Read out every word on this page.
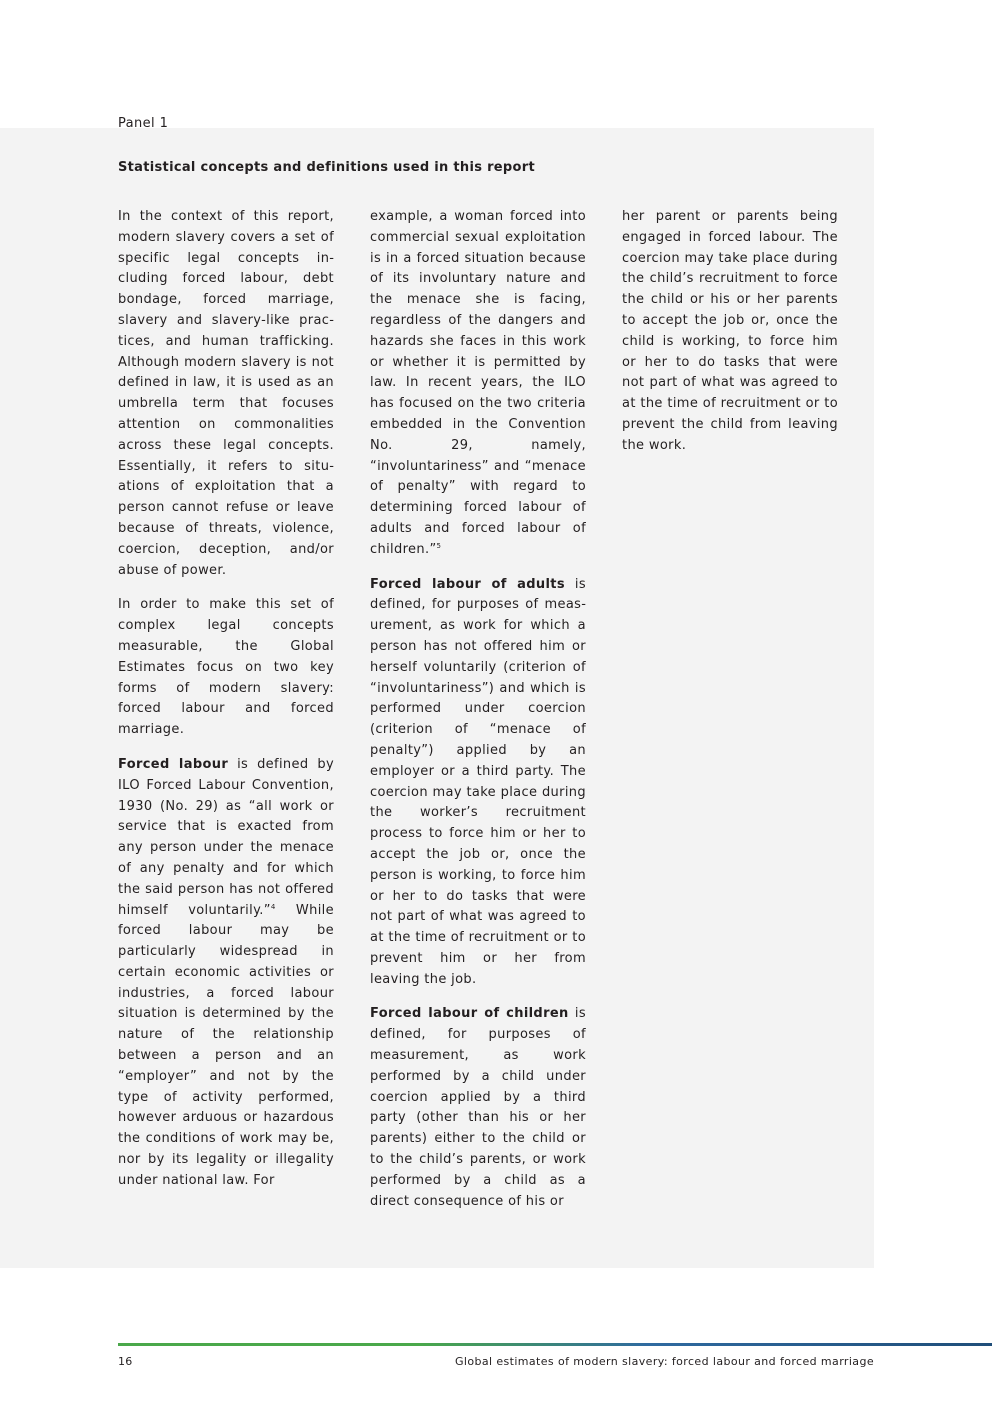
Panel 1
Statistical concepts and definitions used in this report

In the context of this report, modern slavery covers a set of specific legal concepts including forced labour, debt bondage, forced marriage, slavery and slavery-like practices, and human trafficking. Although modern slavery is not defined in law, it is used as an umbrella term that focuses attention on commonalities across these legal concepts. Essentially, it refers to situations of exploitation that a person cannot refuse or leave because of threats, violence, coercion, deception, and/or abuse of power.

In order to make this set of complex legal concepts measurable, the Global Estimates focus on two key forms of modern slavery: forced labour and forced marriage.

Forced labour is defined by ILO Forced Labour Convention, 1930 (No. 29) as “all work or service that is exacted from any person under the menace of any penalty and for which the said person has not offered himself voluntarily.”$^4$ While forced labour may be particularly widespread in certain economic activities or industries, a forced labour situation is determined by the nature of the relationship between a person and an “employer” and not by the type of activity performed, however arduous or hazardous the conditions of work may be, nor by its legality or illegality under national law. For

example, a woman forced into commercial sexual exploitation is in a forced situation because of its involuntary nature and the menace she is facing, regardless of the dangers and hazards she faces in this work or whether it is permitted by law. In recent years, the ILO has focused on the two criteria embedded in the Convention No. 29, namely, “involuntariness” and “menace of penalty” with regard to determining forced labour of adults and forced labour of children.”$^5$

Forced labour of adults is defined, for purposes of measurement, as work for which a person has not offered him or herself voluntarily (criterion of “involuntariness”) and which is performed under coercion (criterion of “menace of penalty”) applied by an employer or a third party. The coercion may take place during the worker’s recruitment process to force him or her to accept the job or, once the person is working, to force him or her to do tasks that were not part of what was agreed to at the time of recruitment or to prevent him or her from leaving the job.

Forced labour of children is defined, for purposes of measurement, as work performed by a child under coercion applied by a third party (other than his or her parents) either to the child or to the child’s parents, or work performed by a child as a direct consequence of his or

her parent or parents being engaged in forced labour. The coercion may take place during the child’s recruitment to force the child or his or her parents to accept the job or, once the child is working, to force him or her to do tasks that were not part of what was agreed to at the time of recruitment or to prevent the child from leaving the work.

16	Global estimates of modern slavery: forced labour and forced marriage
